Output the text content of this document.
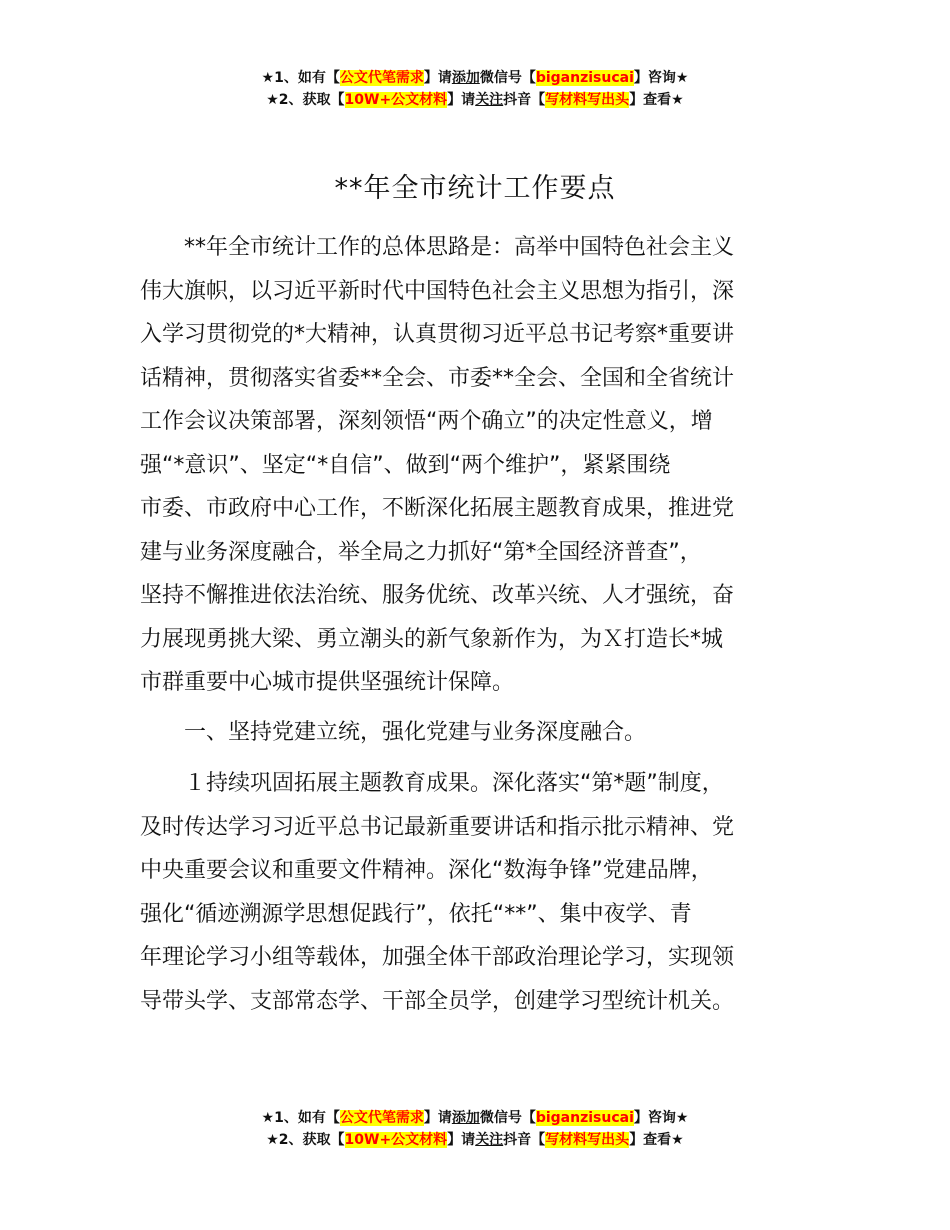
★1、如有【公文代笔需求】请添加微信号【biganzisucai】咨询★
★2、获取【10W+公文材料】请关注抖音【写材料写出头】查看★
**年全市统计工作要点

　　**年全市统计工作的总体思路是：高举中国特色社会主义

伟大旗帜，以习近平新时代中国特色社会主义思想为指引，深

入学习贯彻党的*大精神，认真贯彻习近平总书记考察*重要讲

话精神，贯彻落实省委**全会、市委**全会、全国和全省统计

工作会议决策部署，深刻领悟“两个确立”的决定性意义，增

强“*意识”、坚定“*自信”、做到“两个维护”，紧紧围绕

市委、市政府中心工作，不断深化拓展主题教育成果，推进党

建与业务深度融合，举全局之力抓好“第*全国经济普查”，

坚持不懈推进依法治统、服务优统、改革兴统、人才强统，奋

力展现勇挑大梁、勇立潮头的新气象新作为，为Ｘ打造长*城

市群重要中心城市提供坚强统计保障。

　　一、坚持党建立统，强化党建与业务深度融合。

　　１持续巩固拓展主题教育成果。深化落实“第*题”制度，

及时传达学习习近平总书记最新重要讲话和指示批示精神、党

中央重要会议和重要文件精神。深化“数海争锋”党建品牌，

强化“循迹溯源学思想促践行”，依托“**”、集中夜学、青

年理论学习小组等载体，加强全体干部政治理论学习，实现领

导带头学、支部常态学、干部全员学，创建学习型统计机关。

★1、如有【公文代笔需求】请添加微信号【biganzisucai】咨询★
★2、获取【10W+公文材料】请关注抖音【写材料写出头】查看★
